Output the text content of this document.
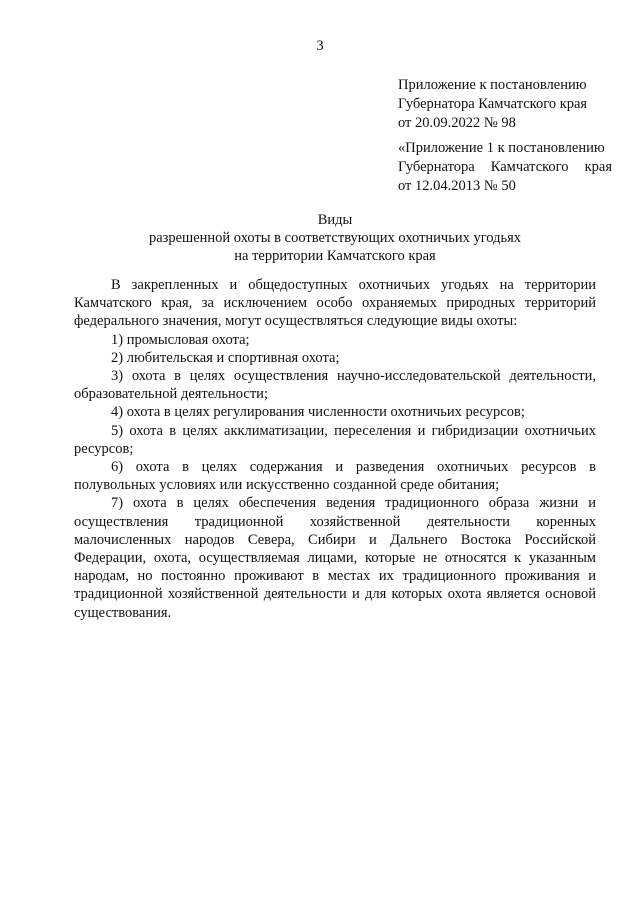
3
Приложение к постановлению
Губернатора Камчатского края
от 20.09.2022 № 98
«Приложение 1 к постановлению
Губернатора Камчатского края
от 12.04.2013 № 50
Виды
разрешенной охоты в соответствующих охотничьих угодьях
на территории Камчатского края

В закрепленных и общедоступных охотничьих угодьях на территории Камчатского края, за исключением особо охраняемых природных территорий федерального значения, могут осуществляться следующие виды охоты:

1) промысловая охота;

2) любительская и спортивная охота;

3) охота в целях осуществления научно-исследовательской деятельности, образовательной деятельности;

4) охота в целях регулирования численности охотничьих ресурсов;

5) охота в целях акклиматизации, переселения и гибридизации охотничьих ресурсов;

6) охота в целях содержания и разведения охотничьих ресурсов в полувольных условиях или искусственно созданной среде обитания;

7) охота в целях обеспечения ведения традиционного образа жизни и осуществления традиционной хозяйственной деятельности коренных малочисленных народов Севера, Сибири и Дальнего Востока Российской Федерации, охота, осуществляемая лицами, которые не относятся к указанным народам, но постоянно проживают в местах их традиционного проживания и традиционной хозяйственной деятельности и для которых охота является основой существования.
